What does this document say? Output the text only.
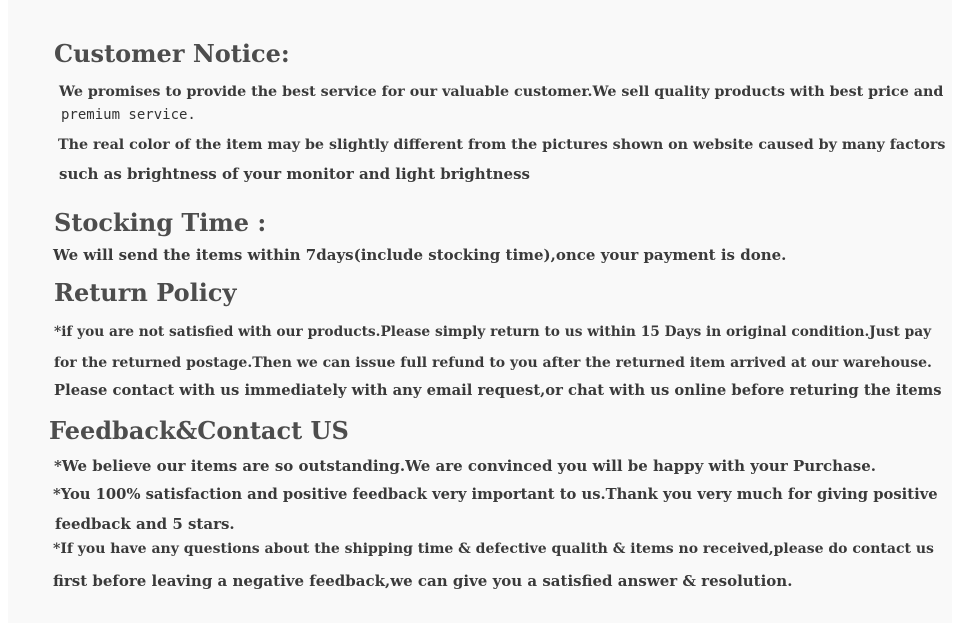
Customer Notice:

We promises to provide the best service for our valuable customer.We sell quality products with best price and

premium service.

The real color of the item may be slightly different from the pictures shown on website caused by many factors

such as brightness of your monitor and light brightness

Stocking Time :

We will send the items within 7days(include stocking time),once your payment is done.

Return Policy

*if you are not satisfied with our products.Please simply return to us within 15 Days in original condition.Just pay

for the returned postage.Then we can issue full refund to you after the returned item arrived at our warehouse.

Please contact with us immediately with any email request,or chat with us online before returing the items

Feedback&Contact US

*We believe our items are so outstanding.We are convinced you will be happy with your Purchase.

*You 100% satisfaction and positive feedback very important to us.Thank you very much for giving positive

feedback and 5 stars.

*If you have any questions about the shipping time & defective qualith & items no received,please do contact us

first before leaving a negative feedback,we can give you a satisfied answer & resolution.
